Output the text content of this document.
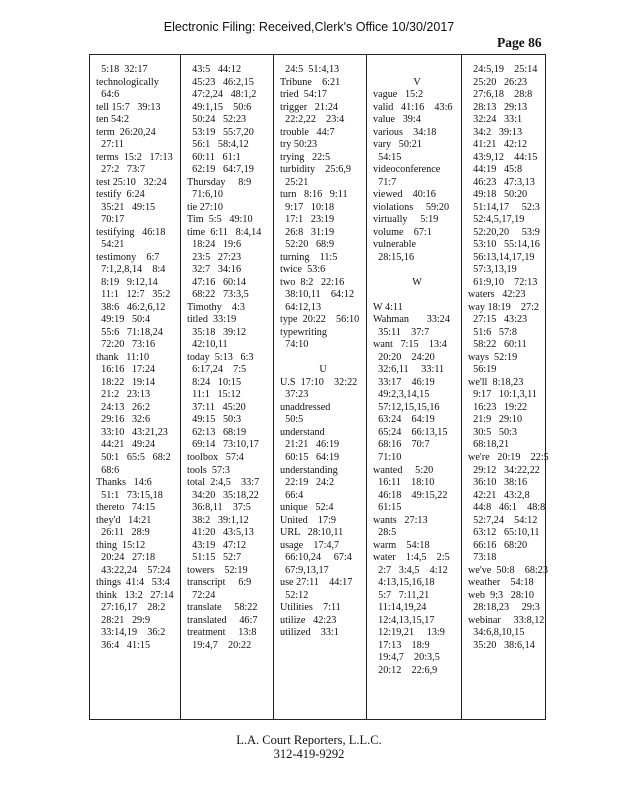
Electronic Filing: Received,Clerk's Office 10/30/2017
Page 86
5:18  32:17
technologically
64:6
tell 15:7   39:13
ten 54:2
term  26:20,24
27:11
terms  15:2   17:13
27:2   73:7
test 25:10   32:24
testify  6:24
35:21   49:15
70:17
testifying   46:18
54:21
testimony    6:7
7:1,2,8,14    8:4
8:19   9:12,14
11:1   12:7   35:2
38:6   46:2,6,12
49:19   50:4
55:6   71:18,24
72:20   73:16
thank   11:10
16:16   17:24
18:22   19:14
21:2   23:13
24:13   26:2
29:16   32:6
33:10   43:21,23
44:21   49:24
50:1   65:5   68:2
68:6
Thanks   14:6
51:1   73:15,18
thereto   74:15
they'd   14:21
26:11   28:9
thing  15:12
20:24   27:18
43:22,24    57:24
things  41:4   53:4
think   13:2   27:14
27:16,17    28:2
28:21   29:9
33:14,19    36:2
36:4   41:15
43:5   44:12
45:23   46:2,15
47:2,24   48:1,2
49:1,15    50:6
50:24   52:23
53:19   55:7,20
56:1   58:4,12
60:11   61:1
62:19   64:7,19
Thursday     8:9
71:6,10
tie 27:10
Tim  5:5   49:10
time  6:11   8:4,14
18:24   19:6
23:5   27:23
32:7   34:16
47:16   60:14
68:22   73:3,5
Timothy    4:3
titled  33:19
35:18   39:12
42:10,11
today  5:13   6:3
6:17,24    7:5
8:24   10:15
11:1   15:12
37:11   45:20
49:15   50:3
62:13   68:19
69:14   73:10,17
toolbox   57:4
tools  57:3
total  2:4,5    33:7
34:20   35:18,22
36:8,11    37:5
38:2   39:1,12
41:20   43:5,13
43:19   47:12
51:15   52:7
towers    52:19
transcript     6:9
72:24
translate     58:22
translated     46:7
treatment     13:8
19:4,7    20:22
24:5  51:4,13
Tribune    6:21
tried  54:17
trigger   21:24
22:2,22    23:4
trouble   44:7
try 50:23
trying   22:5
turbidity    25:6,9
25:21
turn   8:16   9:11
9:17   10:18
17:1   23:19
26:8   31:19
52:20   68:9
turning    11:5
twice  53:6
two  8:2   22:16
38:10,11    64:12
64:12,13
type  20:22    56:10
typewriting
74:10
U
U.S  17:10    32:22
37:23
unaddressed
50:5
understand
21:21   46:19
60:15   64:19
understanding
22:19   24:2
66:4
unique   52:4
United    17:9
URL   28:10,11
usage    17:4,7
66:10,24     67:4
67:9,13,17
use 27:11    44:17
52:12
Utilities    7:11
utilize   42:23
utilized    33:1
V
vague   15:2
valid   41:16    43:6
value   39:4
various    34:18
vary   50:21
54:15
videoconference
71:7
viewed    40:16
violations     59:20
virtually     5:19
volume    67:1
vulnerable
28:15,16
W
W 4:11
Wahman       33:24
35:11    37:7
want   7:15    13:4
20:20    24:20
32:6,11     33:11
33:17    46:19
49:2,3,14,15
57:12,15,15,16
63:24    64:19
65:24    66:13,15
68:16    70:7
71:10
wanted     5:20
16:11    18:10
46:18    49:15,22
61:15
wants   27:13
28:5
warm    54:18
water    1:4,5    2:5
2:7   3:4,5    4:12
4:13,15,16,18
5:7   7:11,21
11:14,19,24
12:4,13,15,17
12:19,21     13:9
17:13    18:9
19:4,7    20:3,5
20:12    22:6,9
24:5,19    25:14
25:20   26:23
27:6,18    28:8
28:13   29:13
32:24   33:1
34:2   39:13
41:21   42:12
43:9,12    44:15
44:19   45:8
46:23   47:3,13
49:18   50:20
51:14,17     52:3
52:4,5,17,19
52:20,20     53:9
53:10   55:14,16
56:13,14,17,19
57:3,13,19
61:9,10    72:13
waters   42:23
way 18:19    27:2
27:15   43:23
51:6   57:8
58:22   60:11
ways  52:19
56:19
we'll  8:18,23
9:17   10:1,3,11
16:23   19:22
21:9   29:10
30:5   50:3
68:18,21
we're   20:19    22:5
29:12   34:22,22
36:10   38:16
42:21   43:2,8
44:8   46:1    48:8
52:7,24    54:12
63:12   65:10,11
66:16   68:20
73:18
we've  50:8    68:23
weather    54:18
web  9:3   28:10
28:18,23     29:3
webinar     33:8,12
34:6,8,10,15
35:20   38:6,14
L.A. Court Reporters, L.L.C.
312-419-9292
